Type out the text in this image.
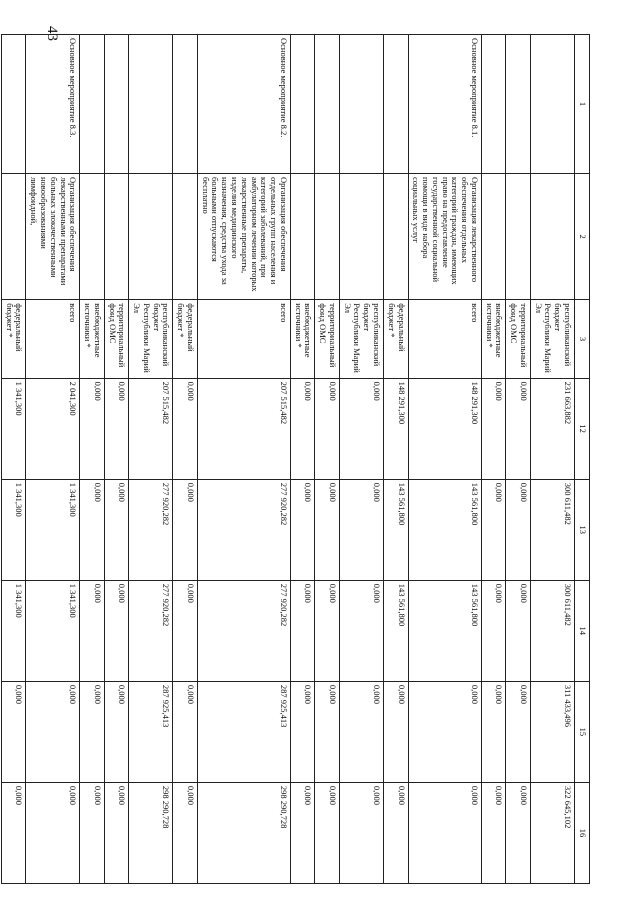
43
1	2	3	12	13	14	15	16
		республиканский бюджет Республики Марий Эл	231 663,882	300 611,482	300 611,482	311 433,496	322 645,102
		территориальный фонд ОМС	0,000	0,000	0,000	0,000	0,000
		внебюджетные источники *	0,000	0,000	0,000	0,000	0,000
Основное мероприятие 8.1.	Организация лекарственного обеспечения отдельных категорий граждан, имеющих право на предоставление государственной социальной помощи в виде набора социальных услуг	всего	148 291,300	143 561,800	143 561,800	0,000	0,000
		федеральный бюджет *	148 291,300	143 561,800	143 561,800	0,000	0,000
		республиканский бюджет Республики Марий Эл	0,000	0,000	0,000	0,000	0,000
		территориальный фонд ОМС	0,000	0,000	0,000	0,000	0,000
		внебюджетные источники *	0,000	0,000	0,000	0,000	0,000
Основное мероприятие 8.2.	Организация обеспечения отдельных групп населения и категорий заболеваний, при амбулаторном лечении которых лекарственные препараты, изделия медицинского назначения, средства ухода за больными отпускаются бесплатно	всего	207 515,482	277 920,282	277 920,282	287 925,413	298 290,728
		федеральный бюджет *	0,000	0,000	0,000	0,000	0,000
		республиканский бюджет Республики Марий Эл	207 515,482	277 920,282	277 920,282	287 925,413	298 290,728
		территориальный фонд ОМС	0,000	0,000	0,000	0,000	0,000
		внебюджетные источники *	0,000	0,000	0,000	0,000	0,000
Основное мероприятие 8.3.	Организация обеспечения лекарственными препаратами больных злокачественными новообразованиями лимфоидной,	всего	2 041,300	1 341,300	1 341,300	0,000	0,000
		федеральный бюджет *	1 341,300	1 341,300	1 341,300	0,000	0,000
